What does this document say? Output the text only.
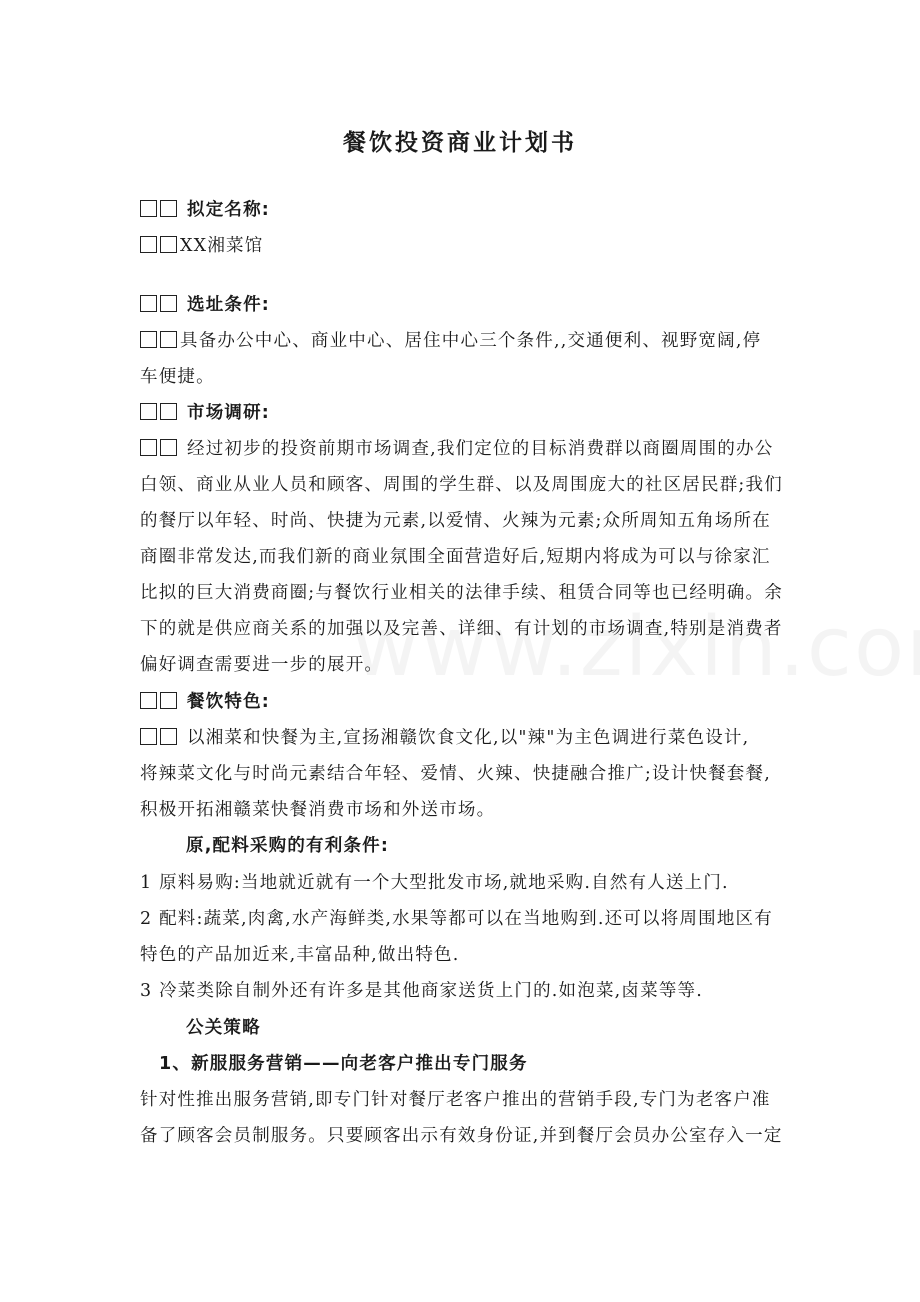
餐饮投资商业计划书
拟定名称:
XX湘菜馆
选址条件:
具备办公中心、商业中心、居住中心三个条件,,交通便利、视野宽阔,停
车便捷。
市场调研:
经过初步的投资前期市场调查,我们定位的目标消费群以商圈周围的办公
白领、商业从业人员和顾客、周围的学生群、以及周围庞大的社区居民群;我们
的餐厅以年轻、时尚、快捷为元素,以爱情、火辣为元素;众所周知五角场所在
商圈非常发达,而我们新的商业氛围全面营造好后,短期内将成为可以与徐家汇
比拟的巨大消费商圈;与餐饮行业相关的法律手续、租赁合同等也已经明确。余
下的就是供应商关系的加强以及完善、详细、有计划的市场调查,特别是消费者
偏好调查需要进一步的展开。
餐饮特色:
以湘菜和快餐为主,宣扬湘赣饮食文化,以"辣"为主色调进行菜色设计,
将辣菜文化与时尚元素结合年轻、爱情、火辣、快捷融合推广;设计快餐套餐,
积极开拓湘赣菜快餐消费市场和外送市场。
原,配料采购的有利条件:
1 原料易购:当地就近就有一个大型批发市场,就地采购.自然有人送上门.
2 配料:蔬菜,肉禽,水产海鲜类,水果等都可以在当地购到.还可以将周围地区有
特色的产品加近来,丰富品种,做出特色.
3 冷菜类除自制外还有许多是其他商家送货上门的.如泡菜,卤菜等等.
公关策略
1、新服服务营销——向老客户推出专门服务
针对性推出服务营销,即专门针对餐厅老客户推出的营销手段,专门为老客户准
备了顾客会员制服务。只要顾客出示有效身份证,并到餐厅会员办公室存入一定
